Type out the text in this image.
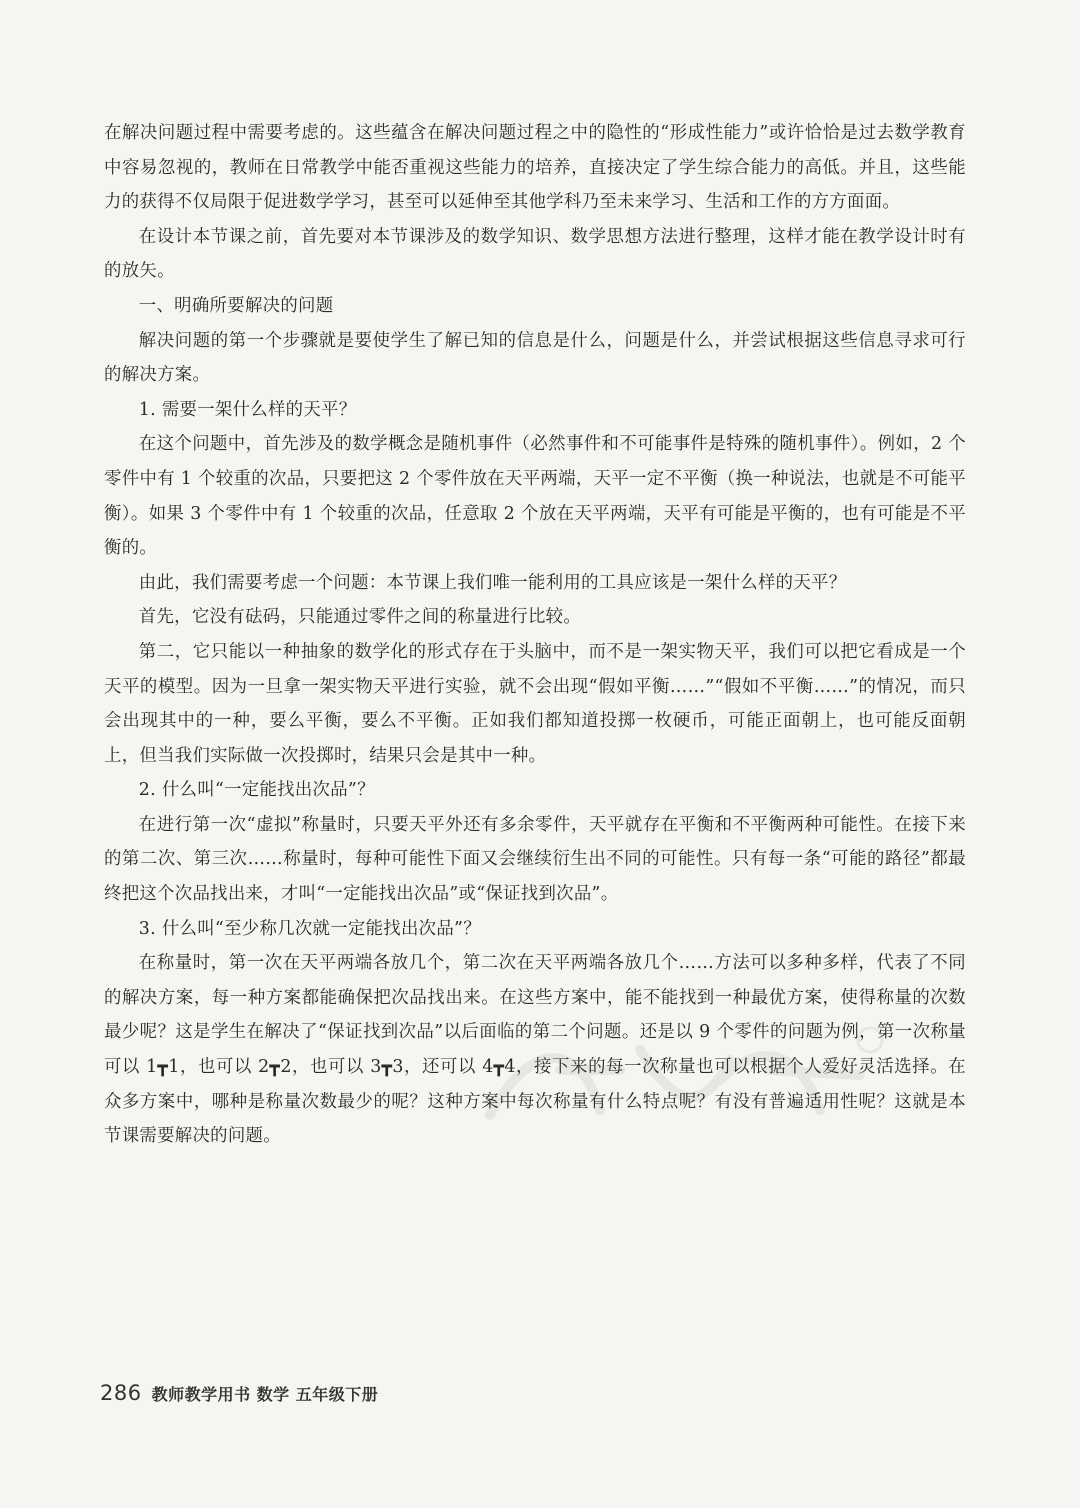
在解决问题过程中需要考虑的。这些蕴含在解决问题过程之中的隐性的“形成性能力”或许恰恰是过去数学教育中容易忽视的，教师在日常教学中能否重视这些能力的培养，直接决定了学生综合能力的高低。并且，这些能力的获得不仅局限于促进数学学习，甚至可以延伸至其他学科乃至未来学习、生活和工作的方方面面。

在设计本节课之前，首先要对本节课涉及的数学知识、数学思想方法进行整理，这样才能在教学设计时有的放矢。

一、明确所要解决的问题

解决问题的第一个步骤就是要使学生了解已知的信息是什么，问题是什么，并尝试根据这些信息寻求可行的解决方案。

1. 需要一架什么样的天平？

在这个问题中，首先涉及的数学概念是随机事件（必然事件和不可能事件是特殊的随机事件）。例如，2 个零件中有 1 个较重的次品，只要把这 2 个零件放在天平两端，天平一定不平衡（换一种说法，也就是不可能平衡）。如果 3 个零件中有 1 个较重的次品，任意取 2 个放在天平两端，天平有可能是平衡的，也有可能是不平衡的。

由此，我们需要考虑一个问题：本节课上我们唯一能利用的工具应该是一架什么样的天平？

首先，它没有砝码，只能通过零件之间的称量进行比较。

第二，它只能以一种抽象的数学化的形式存在于头脑中，而不是一架实物天平，我们可以把它看成是一个天平的模型。因为一旦拿一架实物天平进行实验，就不会出现“假如平衡……”“假如不平衡……”的情况，而只会出现其中的一种，要么平衡，要么不平衡。正如我们都知道投掷一枚硬币，可能正面朝上，也可能反面朝上，但当我们实际做一次投掷时，结果只会是其中一种。

2. 什么叫“一定能找出次品”？

在进行第一次“虚拟”称量时，只要天平外还有多余零件，天平就存在平衡和不平衡两种可能性。在接下来的第二次、第三次……称量时，每种可能性下面又会继续衍生出不同的可能性。只有每一条“可能的路径”都最终把这个次品找出来，才叫“一定能找出次品”或“保证找到次品”。

3. 什么叫“至少称几次就一定能找出次品”？

在称量时，第一次在天平两端各放几个，第二次在天平两端各放几个……方法可以多种多样，代表了不同的解决方案，每一种方案都能确保把次品找出来。在这些方案中，能不能找到一种最优方案，使得称量的次数最少呢？这是学生在解决了“保证找到次品”以后面临的第二个问题。还是以 9 个零件的问题为例，第一次称量可以 1┳1，也可以 2┳2，也可以 3┳3，还可以 4┳4，接下来的每一次称量也可以根据个人爱好灵活选择。在众多方案中，哪种是称量次数最少的呢？这种方案中每次称量有什么特点呢？有没有普遍适用性呢？这就是本节课需要解决的问题。

286 教师教学用书 数学 五年级下册
